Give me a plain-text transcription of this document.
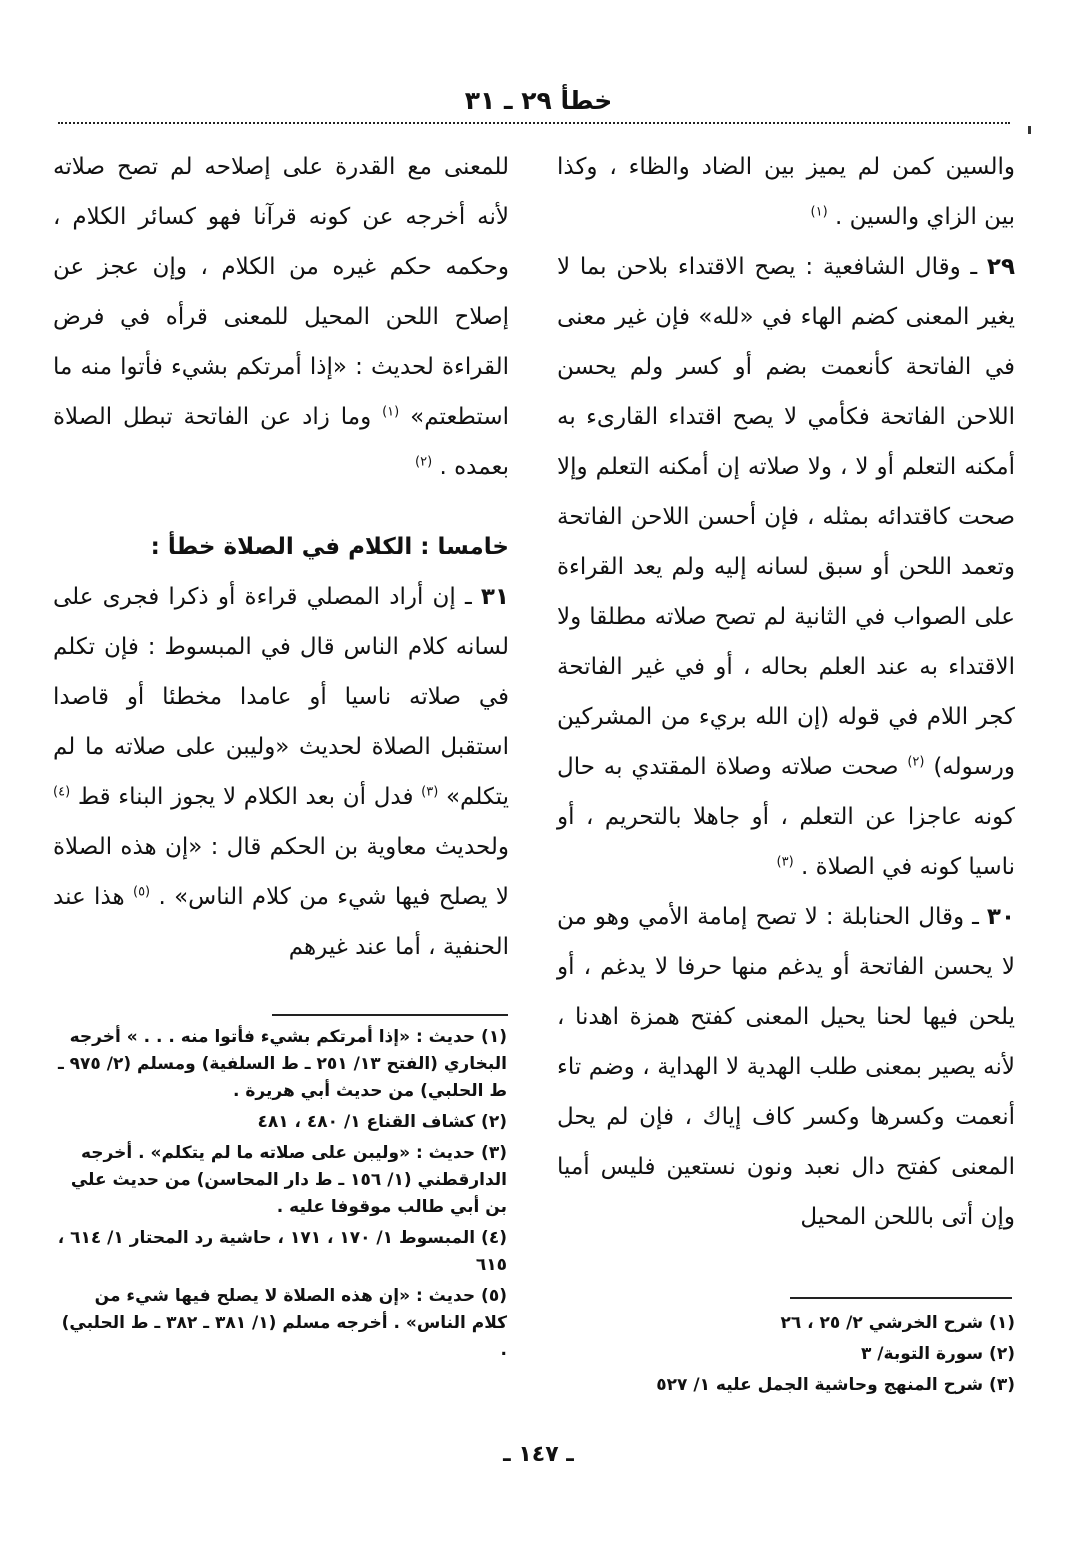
خطأ ٢٩ ـ ٣١

والسين كمن لم يميز بين الضاد والظاء ، وكذا بين الزاي والسين . $^{(١)}$

٢٩ ـ وقال الشافعية : يصح الاقتداء بلاحن بما لا يغير المعنى كضم الهاء في «لله» فإن غير معنى في الفاتحة كأنعمت بضم أو كسر ولم يحسن اللاحن الفاتحة فكأمي لا يصح اقتداء القارىء به أمكنه التعلم أو لا ، ولا صلاته إن أمكنه التعلم وإلا صحت كاقتدائه بمثله ، فإن أحسن اللاحن الفاتحة وتعمد اللحن أو سبق لسانه إليه ولم يعد القراءة على الصواب في الثانية لم تصح صلاته مطلقا ولا الاقتداء به عند العلم بحاله ، أو في غير الفاتحة كجر اللام في قوله (إن الله بريء من المشركين ورسوله) $^{(٢)}$ صحت صلاته وصلاة المقتدي به حال كونه عاجزا عن التعلم ، أو جاهلا بالتحريم ، أو ناسيا كونه في الصلاة . $^{(٣)}$

٣٠ ـ وقال الحنابلة : لا تصح إمامة الأمي وهو من لا يحسن الفاتحة أو يدغم منها حرفا لا يدغم ، أو يلحن فيها لحنا يحيل المعنى كفتح همزة اهدنا ، لأنه يصير بمعنى طلب الهدية لا الهداية ، وضم تاء أنعمت وكسرها وكسر كاف إياك ، فإن لم يحل المعنى كفتح دال نعبد ونون نستعين فليس أميا وإن أتى باللحن المحيل

للمعنى مع القدرة على إصلاحه لم تصح صلاته لأنه أخرجه عن كونه قرآنا فهو كسائر الكلام ، وحكمه حكم غيره من الكلام ، وإن عجز عن إصلاح اللحن المحيل للمعنى قرأه في فرض القراءة لحديث : «إذا أمرتكم بشيء فأتوا منه ما استطعتم» $^{(١)}$ وما زاد عن الفاتحة تبطل الصلاة بعمده . $^{(٢)}$

خامسا : الكلام في الصلاة خطأ :

٣١ ـ إن أراد المصلي قراءة أو ذكرا فجرى على لسانه كلام الناس قال في المبسوط : فإن تكلم في صلاته ناسيا أو عامدا مخطئا أو قاصدا استقبل الصلاة لحديث «وليبن على صلاته ما لم يتكلم» $^{(٣)}$ فدل أن بعد الكلام لا يجوز البناء قط $^{(٤)}$ ولحديث معاوية بن الحكم قال : «إن هذه الصلاة لا يصلح فيها شيء من كلام الناس» . $^{(٥)}$ هذا عند الحنفية ، أما عند غيرهم

(١) حديث : «إذا أمرتكم بشيء فأتوا منه . . . » أخرجه البخاري (الفتح ١٣/ ٢٥١ ـ ط السلفية) ومسلم (٢/ ٩٧٥ ـ ط الحلبي) من حديث أبي هريرة .

(٢) كشاف القناع ١/ ٤٨٠ ، ٤٨١

(٣) حديث : «وليبن على صلاته ما لم يتكلم» . أخرجه الدارقطني (١/ ١٥٦ ـ ط دار المحاسن) من حديث علي بن أبي طالب موقوفا عليه .

(٤) المبسوط ١/ ١٧٠ ، ١٧١ ، حاشية رد المحتار ١/ ٦١٤ ، ٦١٥

(٥) حديث : «إن هذه الصلاة لا يصلح فيها شيء من كلام الناس» . أخرجه مسلم (١/ ٣٨١ ـ ٣٨٢ ـ ط الحلبي) .

(١) شرح الخرشي ٢/ ٢٥ ، ٢٦

(٢) سورة التوبة/ ٣

(٣) شرح المنهج وحاشية الجمل عليه ١/ ٥٢٧

ـ ١٤٧ ـ
